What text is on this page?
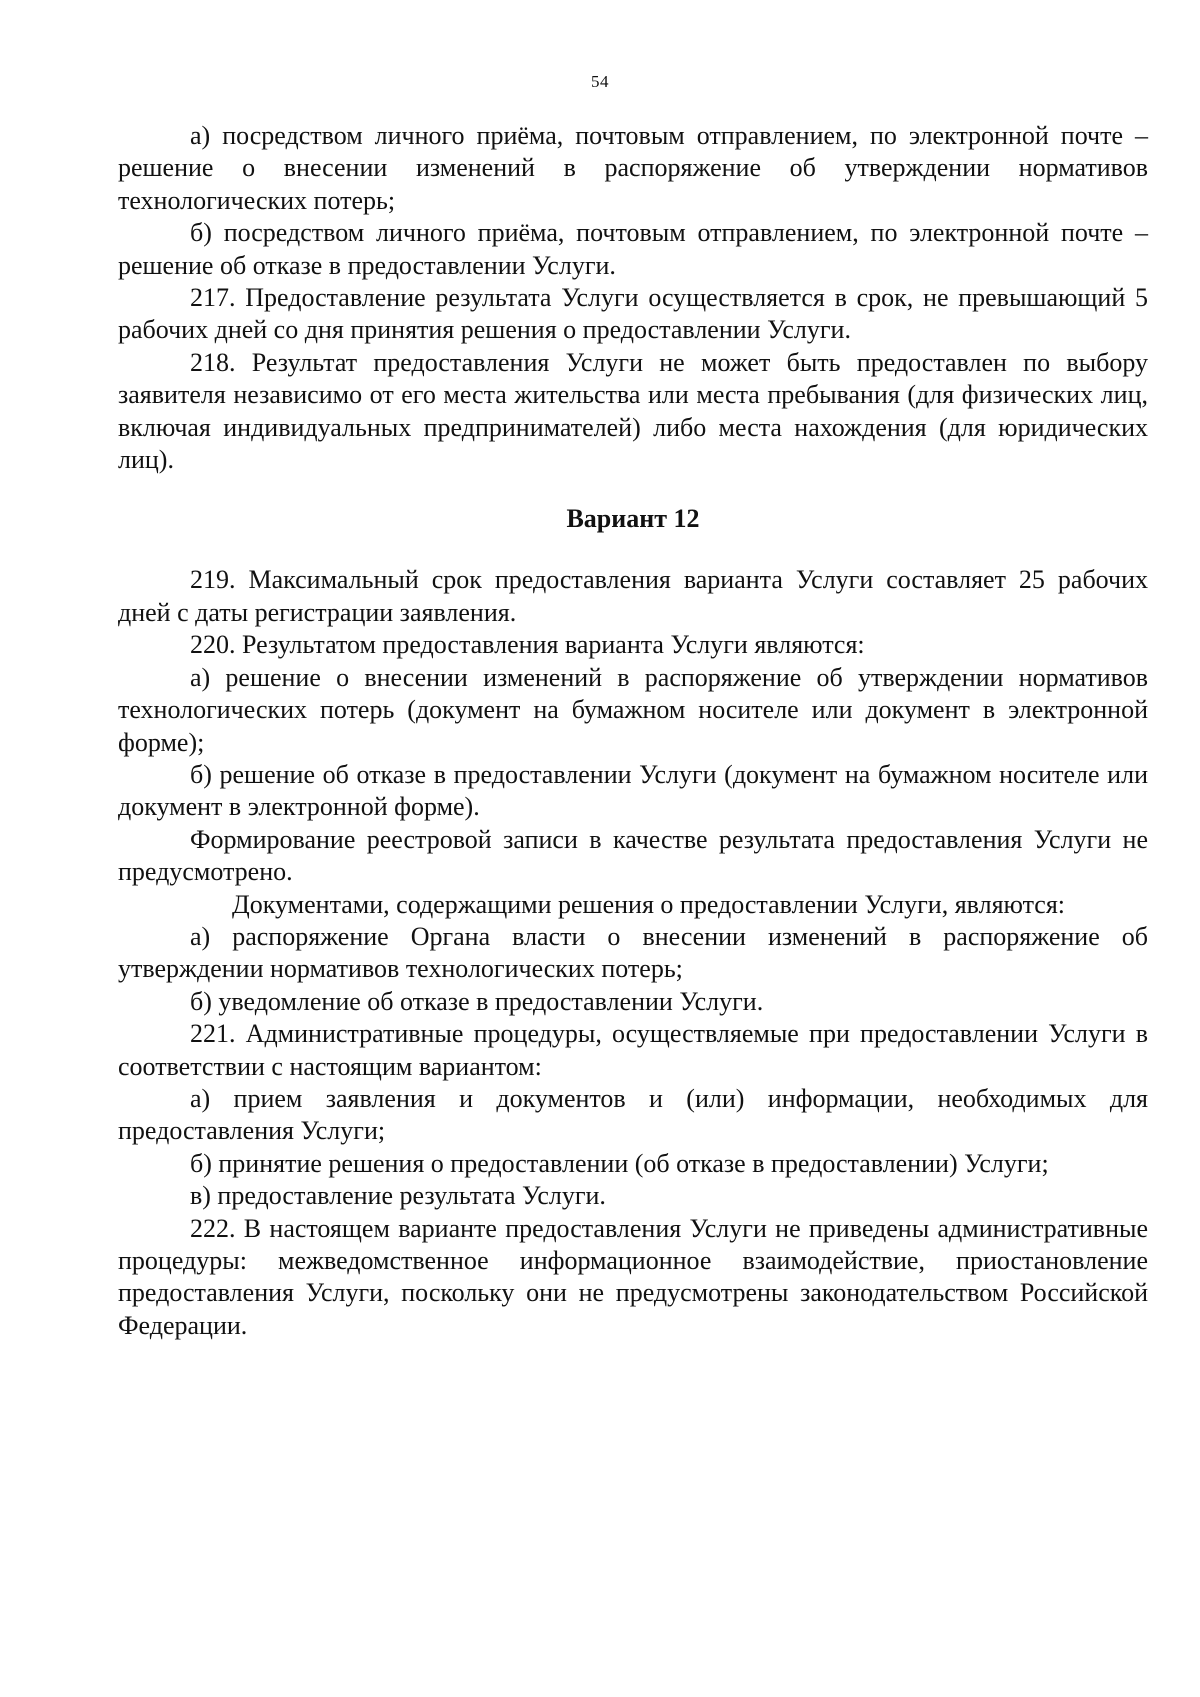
54

а) посредством личного приёма, почтовым отправлением, по электронной почте – решение о внесении изменений в распоряжение об утверждении нормативов технологических потерь;

б) посредством личного приёма, почтовым отправлением, по электронной почте – решение об отказе в предоставлении Услуги.

217. Предоставление результата Услуги осуществляется в срок, не превышающий 5 рабочих дней со дня принятия решения о предоставлении Услуги.

218. Результат предоставления Услуги не может быть предоставлен по выбору заявителя независимо от его места жительства или места пребывания (для физических лиц, включая индивидуальных предпринимателей) либо места нахождения (для юридических лиц).

Вариант 12

219. Максимальный срок предоставления варианта Услуги составляет 25 рабочих дней с даты регистрации заявления.

220. Результатом предоставления варианта Услуги являются:

а) решение о внесении изменений в распоряжение об утверждении нормативов технологических потерь (документ на бумажном носителе или документ в электронной форме);

б) решение об отказе в предоставлении Услуги (документ на бумажном носителе или документ в электронной форме).

Формирование реестровой записи в качестве результата предоставления Услуги не предусмотрено.

Документами, содержащими решения о предоставлении Услуги, являются:

а) распоряжение Органа власти о внесении изменений в распоряжение об утверждении нормативов технологических потерь;

б) уведомление об отказе в предоставлении Услуги.

221. Административные процедуры, осуществляемые при предоставлении Услуги в соответствии с настоящим вариантом:

а) прием заявления и документов и (или) информации, необходимых для предоставления Услуги;

б) принятие решения о предоставлении (об отказе в предоставлении) Услуги;

в) предоставление результата Услуги.

222. В настоящем варианте предоставления Услуги не приведены административные процедуры: межведомственное информационное взаимодействие, приостановление предоставления Услуги, поскольку они не предусмотрены законодательством Российской Федерации.
